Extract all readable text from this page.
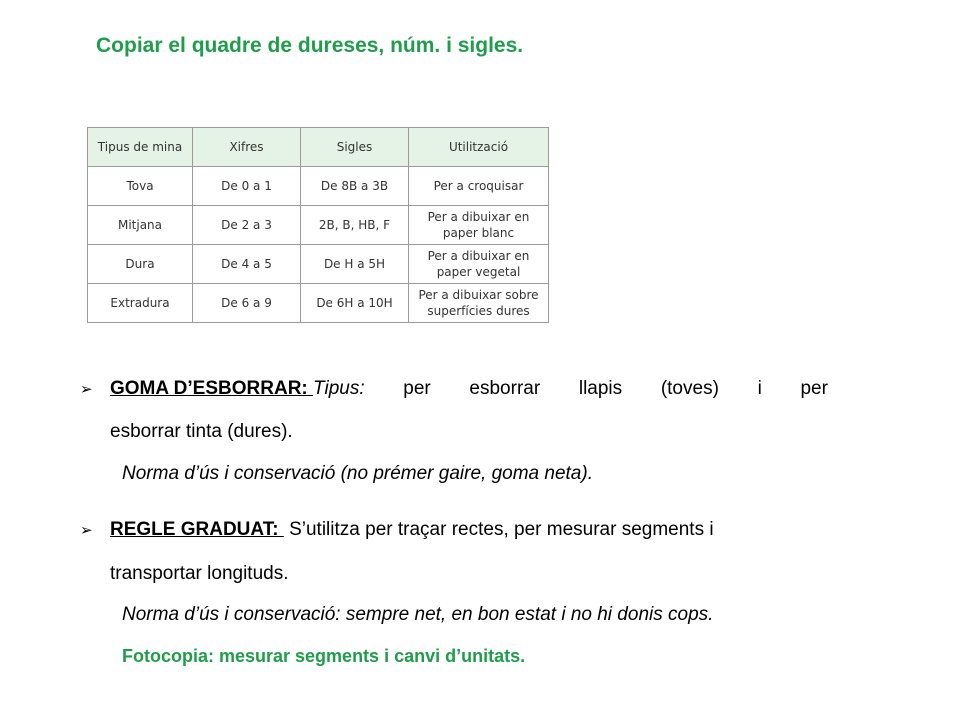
Copiar el quadre de dureses, núm. i sigles.
Tipus de mina	Xifres	Sigles	Utilització
Tova	De 0 a 1	De 8B a 3B	Per a croquisar
Mitjana	De 2 a 3	2B, B, HB, F	Per a dibuixar en
paper blanc
Dura	De 4 a 5	De H a 5H	Per a dibuixar en
paper vegetal
Extradura	De 6 a 9	De 6H a 10H	Per a dibuixar sobre
superfícies dures
➢ GOMA D’ESBORRAR: Tipus: per esborrar llapis (toves) i per
esborrar tinta (dures).
Norma d’ús i conservació (no prémer gaire, goma neta).
➢ REGLE GRADUAT:  S’utilitza per traçar rectes, per mesurar segments i
transportar longituds.
Norma d’ús i conservació: sempre net, en bon estat i no hi donis cops.
Fotocopia: mesurar segments i canvi d’unitats.
